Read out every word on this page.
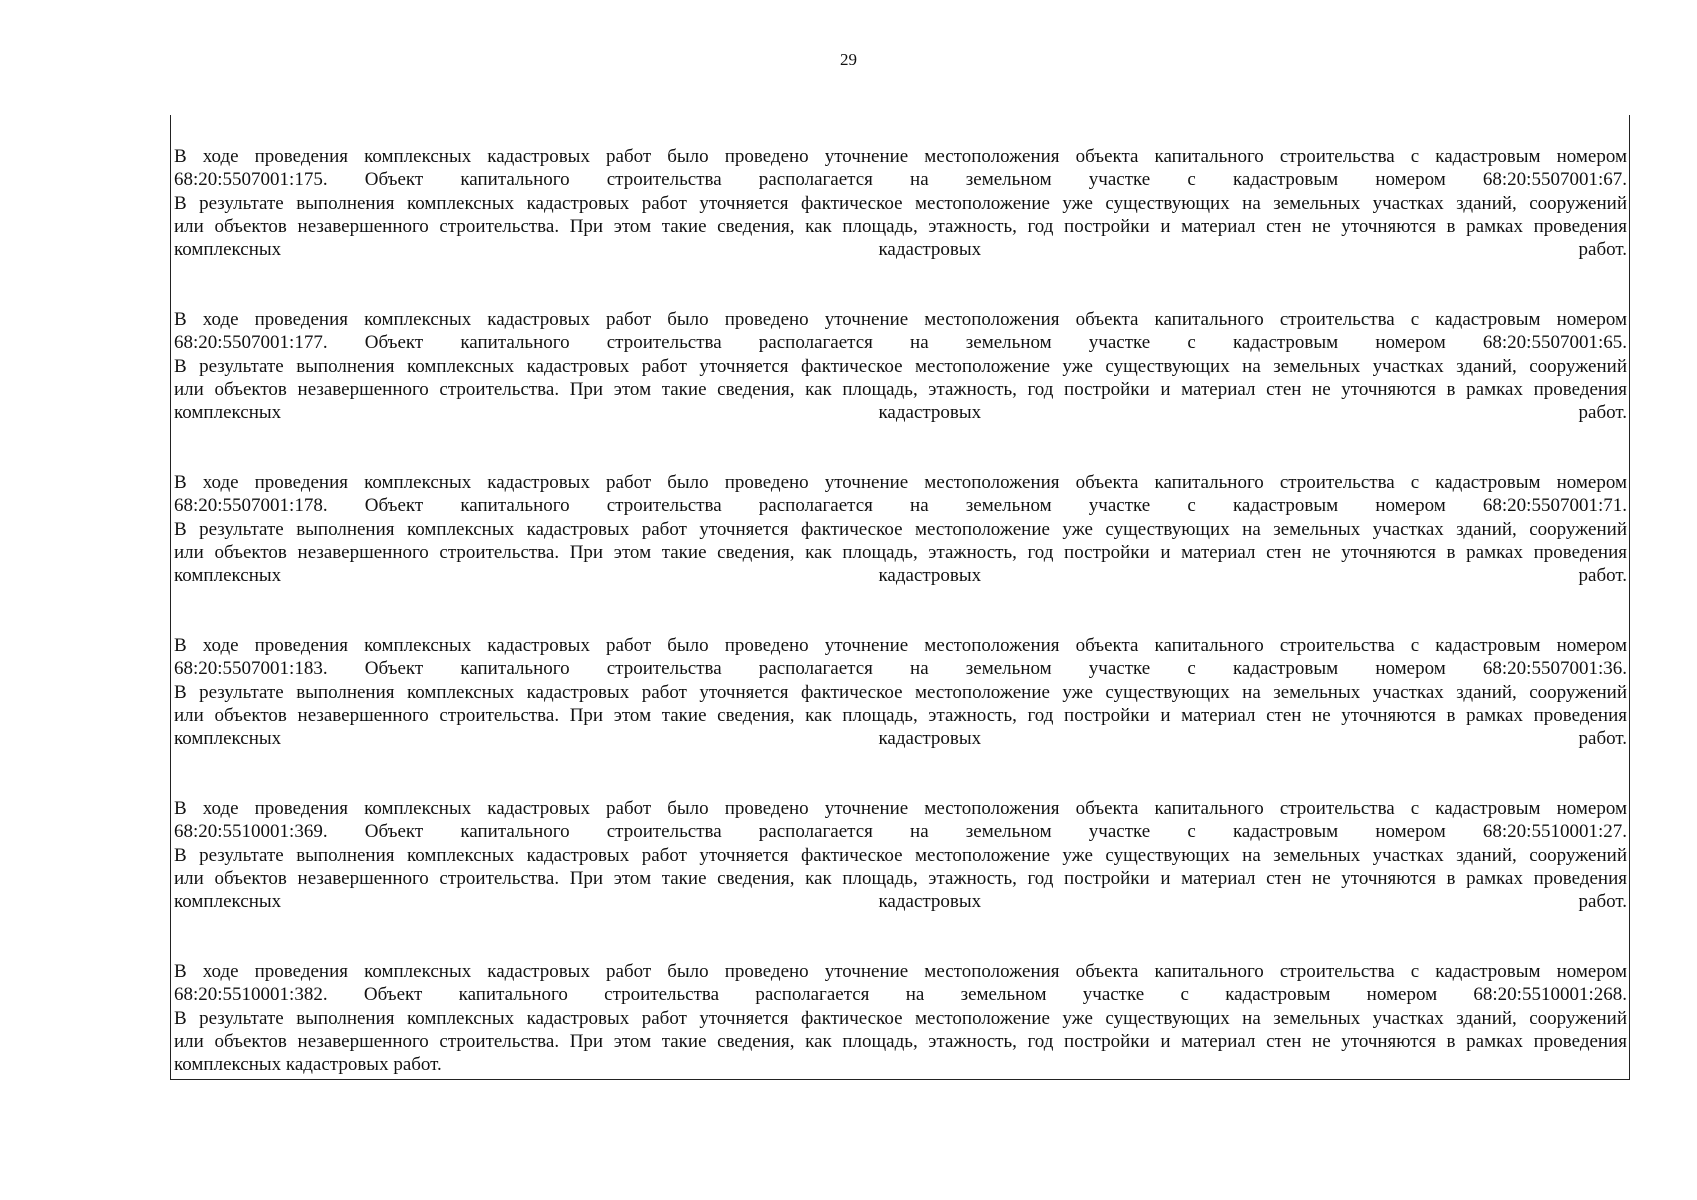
29

В ходе проведения комплексных кадастровых работ было проведено уточнение местоположения объекта капитального строительства с кадастровым номером

68:20:5507001:175. Объект капитального строительства располагается на земельном участке с кадастровым номером 68:20:5507001:67.

В результате выполнения комплексных кадастровых работ уточняется фактическое местоположение уже существующих на земельных участках зданий, сооружений

или объектов незавершенного строительства. При этом такие сведения, как площадь, этажность, год постройки и материал стен не уточняются в рамках проведения

комплексных кадастровых работ.

В ходе проведения комплексных кадастровых работ было проведено уточнение местоположения объекта капитального строительства с кадастровым номером

68:20:5507001:177. Объект капитального строительства располагается на земельном участке с кадастровым номером 68:20:5507001:65.

В результате выполнения комплексных кадастровых работ уточняется фактическое местоположение уже существующих на земельных участках зданий, сооружений

или объектов незавершенного строительства. При этом такие сведения, как площадь, этажность, год постройки и материал стен не уточняются в рамках проведения

комплексных кадастровых работ.

В ходе проведения комплексных кадастровых работ было проведено уточнение местоположения объекта капитального строительства с кадастровым номером

68:20:5507001:178. Объект капитального строительства располагается на земельном участке с кадастровым номером 68:20:5507001:71.

В результате выполнения комплексных кадастровых работ уточняется фактическое местоположение уже существующих на земельных участках зданий, сооружений

или объектов незавершенного строительства. При этом такие сведения, как площадь, этажность, год постройки и материал стен не уточняются в рамках проведения

комплексных кадастровых работ.

В ходе проведения комплексных кадастровых работ было проведено уточнение местоположения объекта капитального строительства с кадастровым номером

68:20:5507001:183. Объект капитального строительства располагается на земельном участке с кадастровым номером 68:20:5507001:36.

В результате выполнения комплексных кадастровых работ уточняется фактическое местоположение уже существующих на земельных участках зданий, сооружений

или объектов незавершенного строительства. При этом такие сведения, как площадь, этажность, год постройки и материал стен не уточняются в рамках проведения

комплексных кадастровых работ.

В ходе проведения комплексных кадастровых работ было проведено уточнение местоположения объекта капитального строительства с кадастровым номером

68:20:5510001:369. Объект капитального строительства располагается на земельном участке с кадастровым номером 68:20:5510001:27.

В результате выполнения комплексных кадастровых работ уточняется фактическое местоположение уже существующих на земельных участках зданий, сооружений

или объектов незавершенного строительства. При этом такие сведения, как площадь, этажность, год постройки и материал стен не уточняются в рамках проведения

комплексных кадастровых работ.

В ходе проведения комплексных кадастровых работ было проведено уточнение местоположения объекта капитального строительства с кадастровым номером

68:20:5510001:382. Объект капитального строительства располагается на земельном участке с кадастровым номером 68:20:5510001:268.

В результате выполнения комплексных кадастровых работ уточняется фактическое местоположение уже существующих на земельных участках зданий, сооружений

или объектов незавершенного строительства. При этом такие сведения, как площадь, этажность, год постройки и материал стен не уточняются в рамках проведения

комплексных кадастровых работ.
